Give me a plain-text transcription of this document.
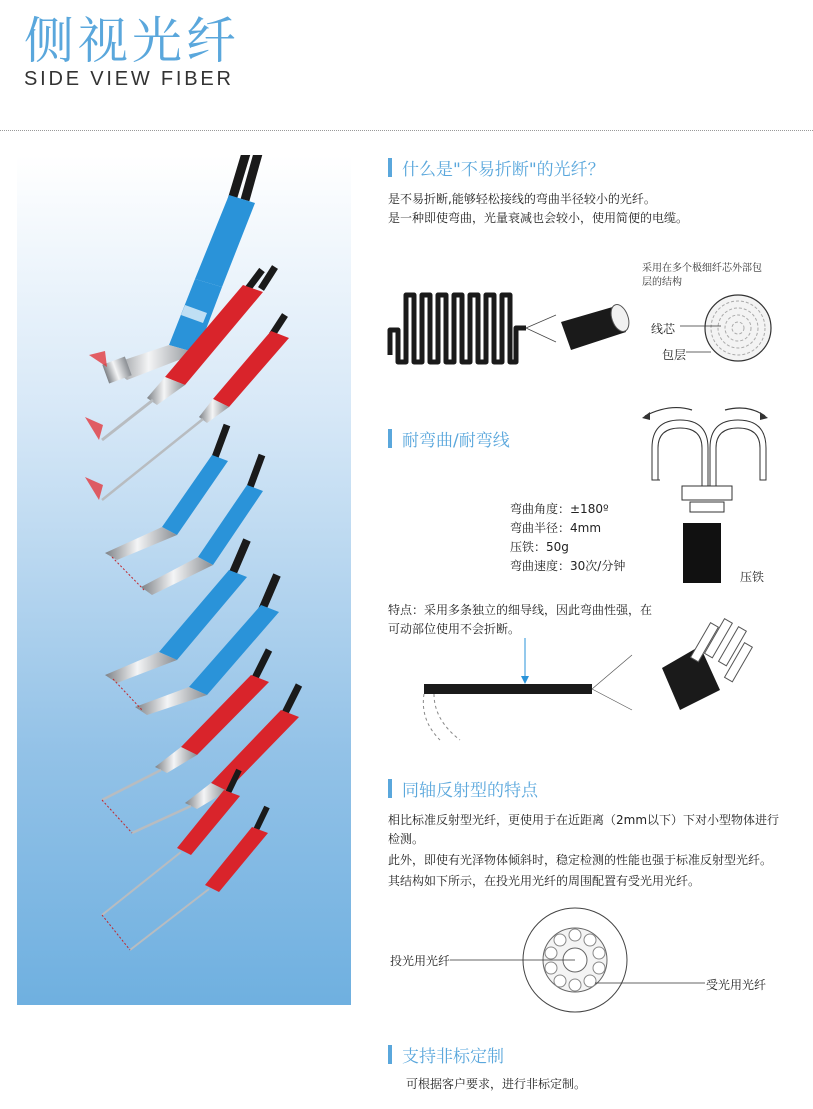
侧视光纤
SIDE VIEW FIBER
什么是"不易折断"的光纤？
是不易折断,能够轻松接线的弯曲半径较小的光纤。
是一种即使弯曲，光量衰减也会较小，使用简便的电缆。
采用在多个极细纤芯外部包层的结构
线芯
包层
耐弯曲/耐弯线
弯曲角度：±180º
弯曲半径：4mm
压铁：50g
弯曲速度：30次/分钟
压铁
特点：采用多条独立的细导线，因此弯曲性强，在可动部位使用不会折断。
同轴反射型的特点
相比标准反射型光纤，更使用于在近距离（2mm以下）下对小型物体进行检测。
此外，即使有光泽物体倾斜时，稳定检测的性能也强于标准反射型光纤。
其结构如下所示，在投光用光纤的周围配置有受光用光纤。
投光用光纤
受光用光纤
支持非标定制
可根据客户要求，进行非标定制。
